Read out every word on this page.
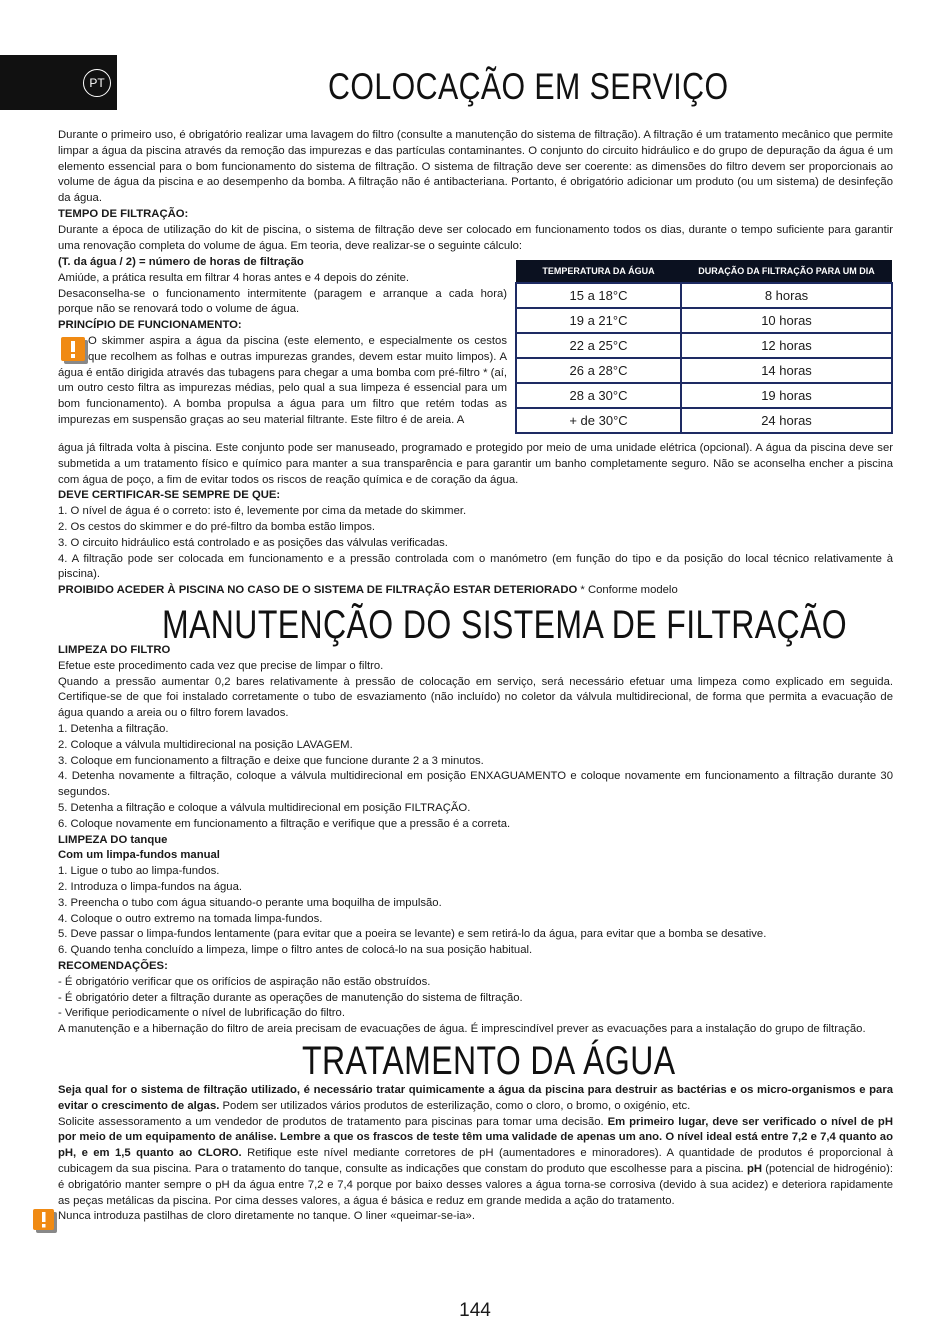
PT	COLOCAÇÃO EM SERVIÇO

Durante o primeiro uso, é obrigatório realizar uma lavagem do filtro (consulte a manutenção do sistema de filtração). A filtração é um tratamento mecânico que permite limpar a água da piscina através da remoção das impurezas e das partículas contaminantes. O conjunto do circuito hidráulico e do grupo de depuração da água é um elemento essencial para o bom funcionamento do sistema de filtração. O sistema de filtração deve ser coerente: as dimensões do filtro devem ser proporcionais ao volume de água da piscina e ao desempenho da bomba. A filtração não é antibacteriana. Portanto, é obrigatório adicionar um produto (ou um sistema) de desinfeção da água.

TEMPO DE FILTRAÇÃO:

Durante a época de utilização do kit de piscina, o sistema de filtração deve ser colocado em funcionamento todos os dias, durante o tempo suficiente para garantir uma renovação completa do volume de água. Em teoria, deve realizar-se o seguinte cálculo:

(T. da água / 2) = número de horas de filtração

Amiúde, a prática resulta em filtrar 4 horas antes e 4 depois do zénite.

Desaconselha-se o funcionamento intermitente (paragem e arranque a cada hora) porque não se renovará todo o volume de água.

PRINCÍPIO DE FUNCIONAMENTO:

O skimmer aspira a água da piscina (este elemento, e especialmente os cestos que recolhem as folhas e outras impurezas grandes, devem estar muito limpos). A água é então dirigida através das tubagens para chegar a uma bomba com pré-filtro * (aí, um outro cesto filtra as impurezas médias, pelo qual a sua limpeza é essencial para um bom funcionamento). A bomba propulsa a água para um filtro que retém todas as impurezas em suspensão graças ao seu material filtrante. Este filtro é de areia. A

TEMPERATURA DA ÁGUA	DURAÇÃO DA FILTRAÇÃO PARA UM DIA
15 a 18°C	8 horas
19 a 21°C	10 horas
22 a 25°C	12 horas
26 a 28°C	14 horas
28 a 30°C	19 horas
+ de 30°C	24 horas

água já filtrada volta à piscina. Este conjunto pode ser manuseado, programado e protegido por meio de uma unidade elétrica (opcional). A água da piscina deve ser submetida a um tratamento físico e químico para manter a sua transparência e para garantir um banho completamente seguro. Não se aconselha encher a piscina com água de poço, a fim de evitar todos os riscos de reação química e de coração da água.

DEVE CERTIFICAR-SE SEMPRE DE QUE:

1. O nível de água é o correto: isto é, levemente por cima da metade do skimmer.

2. Os cestos do skimmer e do pré-filtro da bomba estão limpos.

3. O circuito hidráulico está controlado e as posições das válvulas verificadas.

4. A filtração pode ser colocada em funcionamento e a pressão controlada com o manómetro (em função do tipo e da posição do local técnico relativamente à piscina).

PROIBIDO ACEDER À PISCINA NO CASO DE O SISTEMA DE FILTRAÇÃO ESTAR DETERIORADO * Conforme modelo

MANUTENÇÃO DO SISTEMA DE FILTRAÇÃO

LIMPEZA DO FILTRO

Efetue este procedimento cada vez que precise de limpar o filtro.

Quando a pressão aumentar 0,2 bares relativamente à pressão de colocação em serviço, será necessário efetuar uma limpeza como explicado em seguida. Certifique-se de que foi instalado corretamente o tubo de esvaziamento (não incluído) no coletor da válvula multidirecional, de forma que permita a evacuação de água quando a areia ou o filtro forem lavados.

1. Detenha a filtração.

2. Coloque a válvula multidirecional na posição LAVAGEM.

3. Coloque em funcionamento a filtração e deixe que funcione durante 2 a 3 minutos.

4. Detenha novamente a filtração, coloque a válvula multidirecional em posição ENXAGUAMENTO e coloque novamente em funcionamento a filtração durante 30 segundos.

5. Detenha a filtração e coloque a válvula multidirecional em posição FILTRAÇÃO.

6. Coloque novamente em funcionamento a filtração e verifique que a pressão é a correta.

LIMPEZA DO tanque

Com um limpa-fundos manual

1. Ligue o tubo ao limpa-fundos.

2. Introduza o limpa-fundos na água.

3. Preencha o tubo com água situando-o perante uma boquilha de impulsão.

4. Coloque o outro extremo na tomada limpa-fundos.

5. Deve passar o limpa-fundos lentamente (para evitar que a poeira se levante) e sem retirá-lo da água, para evitar que a bomba se desative.

6. Quando tenha concluído a limpeza, limpe o filtro antes de colocá-lo na sua posição habitual.

RECOMENDAÇÕES:

- É obrigatório verificar que os orifícios de aspiração não estão obstruídos.

- É obrigatório deter a filtração durante as operações de manutenção do sistema de filtração.

- Verifique periodicamente o nível de lubrificação do filtro.

A manutenção e a hibernação do filtro de areia precisam de evacuações de água. É imprescindível prever as evacuações para a instalação do grupo de filtração.

TRATAMENTO DA ÁGUA

Seja qual for o sistema de filtração utilizado, é necessário tratar quimicamente a água da piscina para destruir as bactérias e os micro-organismos e para evitar o crescimento de algas. Podem ser utilizados vários produtos de esterilização, como o cloro, o bromo, o oxigénio, etc.

Solicite assessoramento a um vendedor de produtos de tratamento para piscinas para tomar uma decisão. Em primeiro lugar, deve ser verificado o nível de pH por meio de um equipamento de análise. Lembre a que os frascos de teste têm uma validade de apenas um ano. O nível ideal está entre 7,2 e 7,4 quanto ao pH, e em 1,5 quanto ao CLORO. Retifique este nível mediante corretores de pH (aumentadores e minoradores). A quantidade de produtos é proporcional à cubicagem da sua piscina. Para o tratamento do tanque, consulte as indicações que constam do produto que escolhesse para a piscina. pH (potencial de hidrogénio): é obrigatório manter sempre o pH da água entre 7,2 e 7,4 porque por baixo desses valores a água torna-se corrosiva (devido à sua acidez) e deteriora rapidamente as peças metálicas da piscina. Por cima desses valores, a água é básica e reduz em grande medida a ação do tratamento.

Nunca introduza pastilhas de cloro diretamente no tanque. O liner «queimar-se-ia».

144
